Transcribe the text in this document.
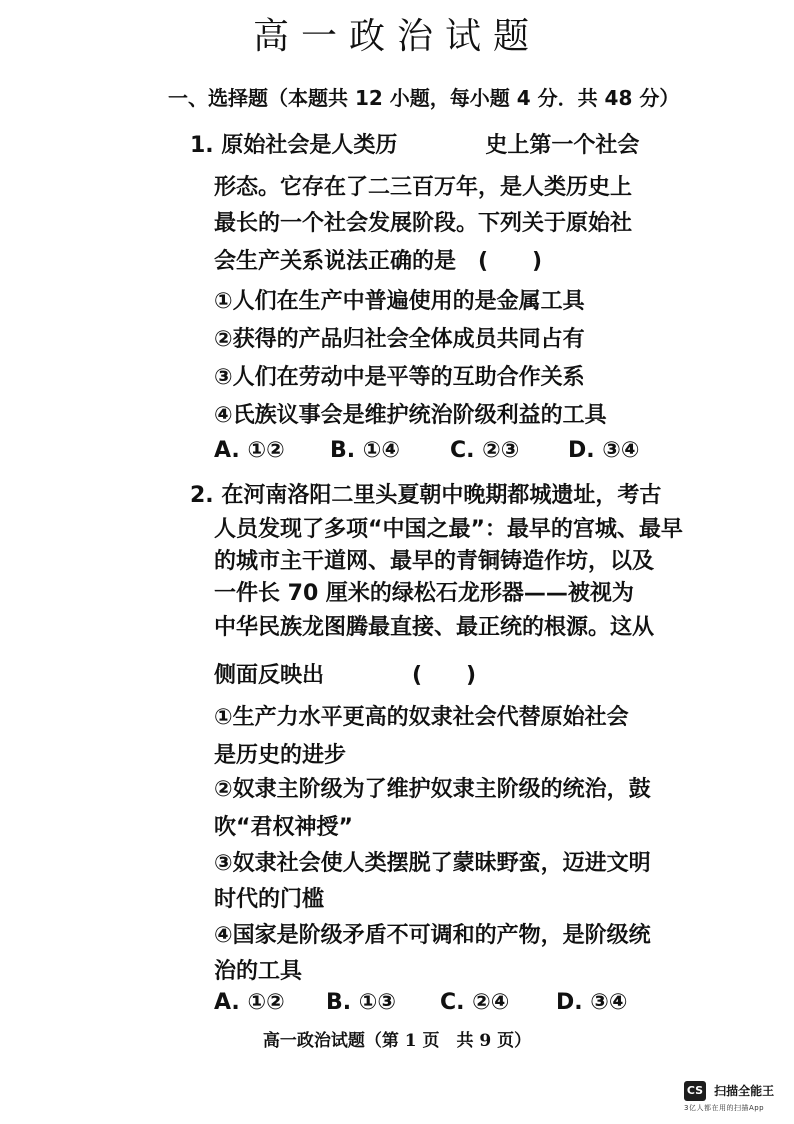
高一政治试题
一、选择题（本题共 12 小题，每小题 4 分．共 48 分）
1. 原始社会是人类历　　　　史上第一个社会
形态。它存在了二三百万年，是人类历史上
最长的一个社会发展阶段。下列关于原始社
会生产关系说法正确的是　(　　)
①人们在生产中普遍使用的是金属工具
②获得的产品归社会全体成员共同占有
③人们在劳动中是平等的互助合作关系
④氏族议事会是维护统治阶级利益的工具
A. ①② B. ①④ C. ②③ D. ③④
2. 在河南洛阳二里头夏朝中晚期都城遗址，考古
人员发现了多项“中国之最”：最早的宫城、最早
的城市主干道网、最早的青铜铸造作坊，以及
一件长 70 厘米的绿松石龙形器——被视为
中华民族龙图腾最直接、最正统的根源。这从
侧面反映出　　　　(　　)
①生产力水平更高的奴隶社会代替原始社会
是历史的进步
②奴隶主阶级为了维护奴隶主阶级的统治，鼓
吹“君权神授”
③奴隶社会使人类摆脱了蒙昧野蛮，迈进文明
时代的门槛
④国家是阶级矛盾不可调和的产物，是阶级统
治的工具
A. ①② B. ①③ C. ②④ D. ③④
高一政治试题（第 1 页　共 9 页）
CS 扫描全能王
3亿人都在用的扫描App
